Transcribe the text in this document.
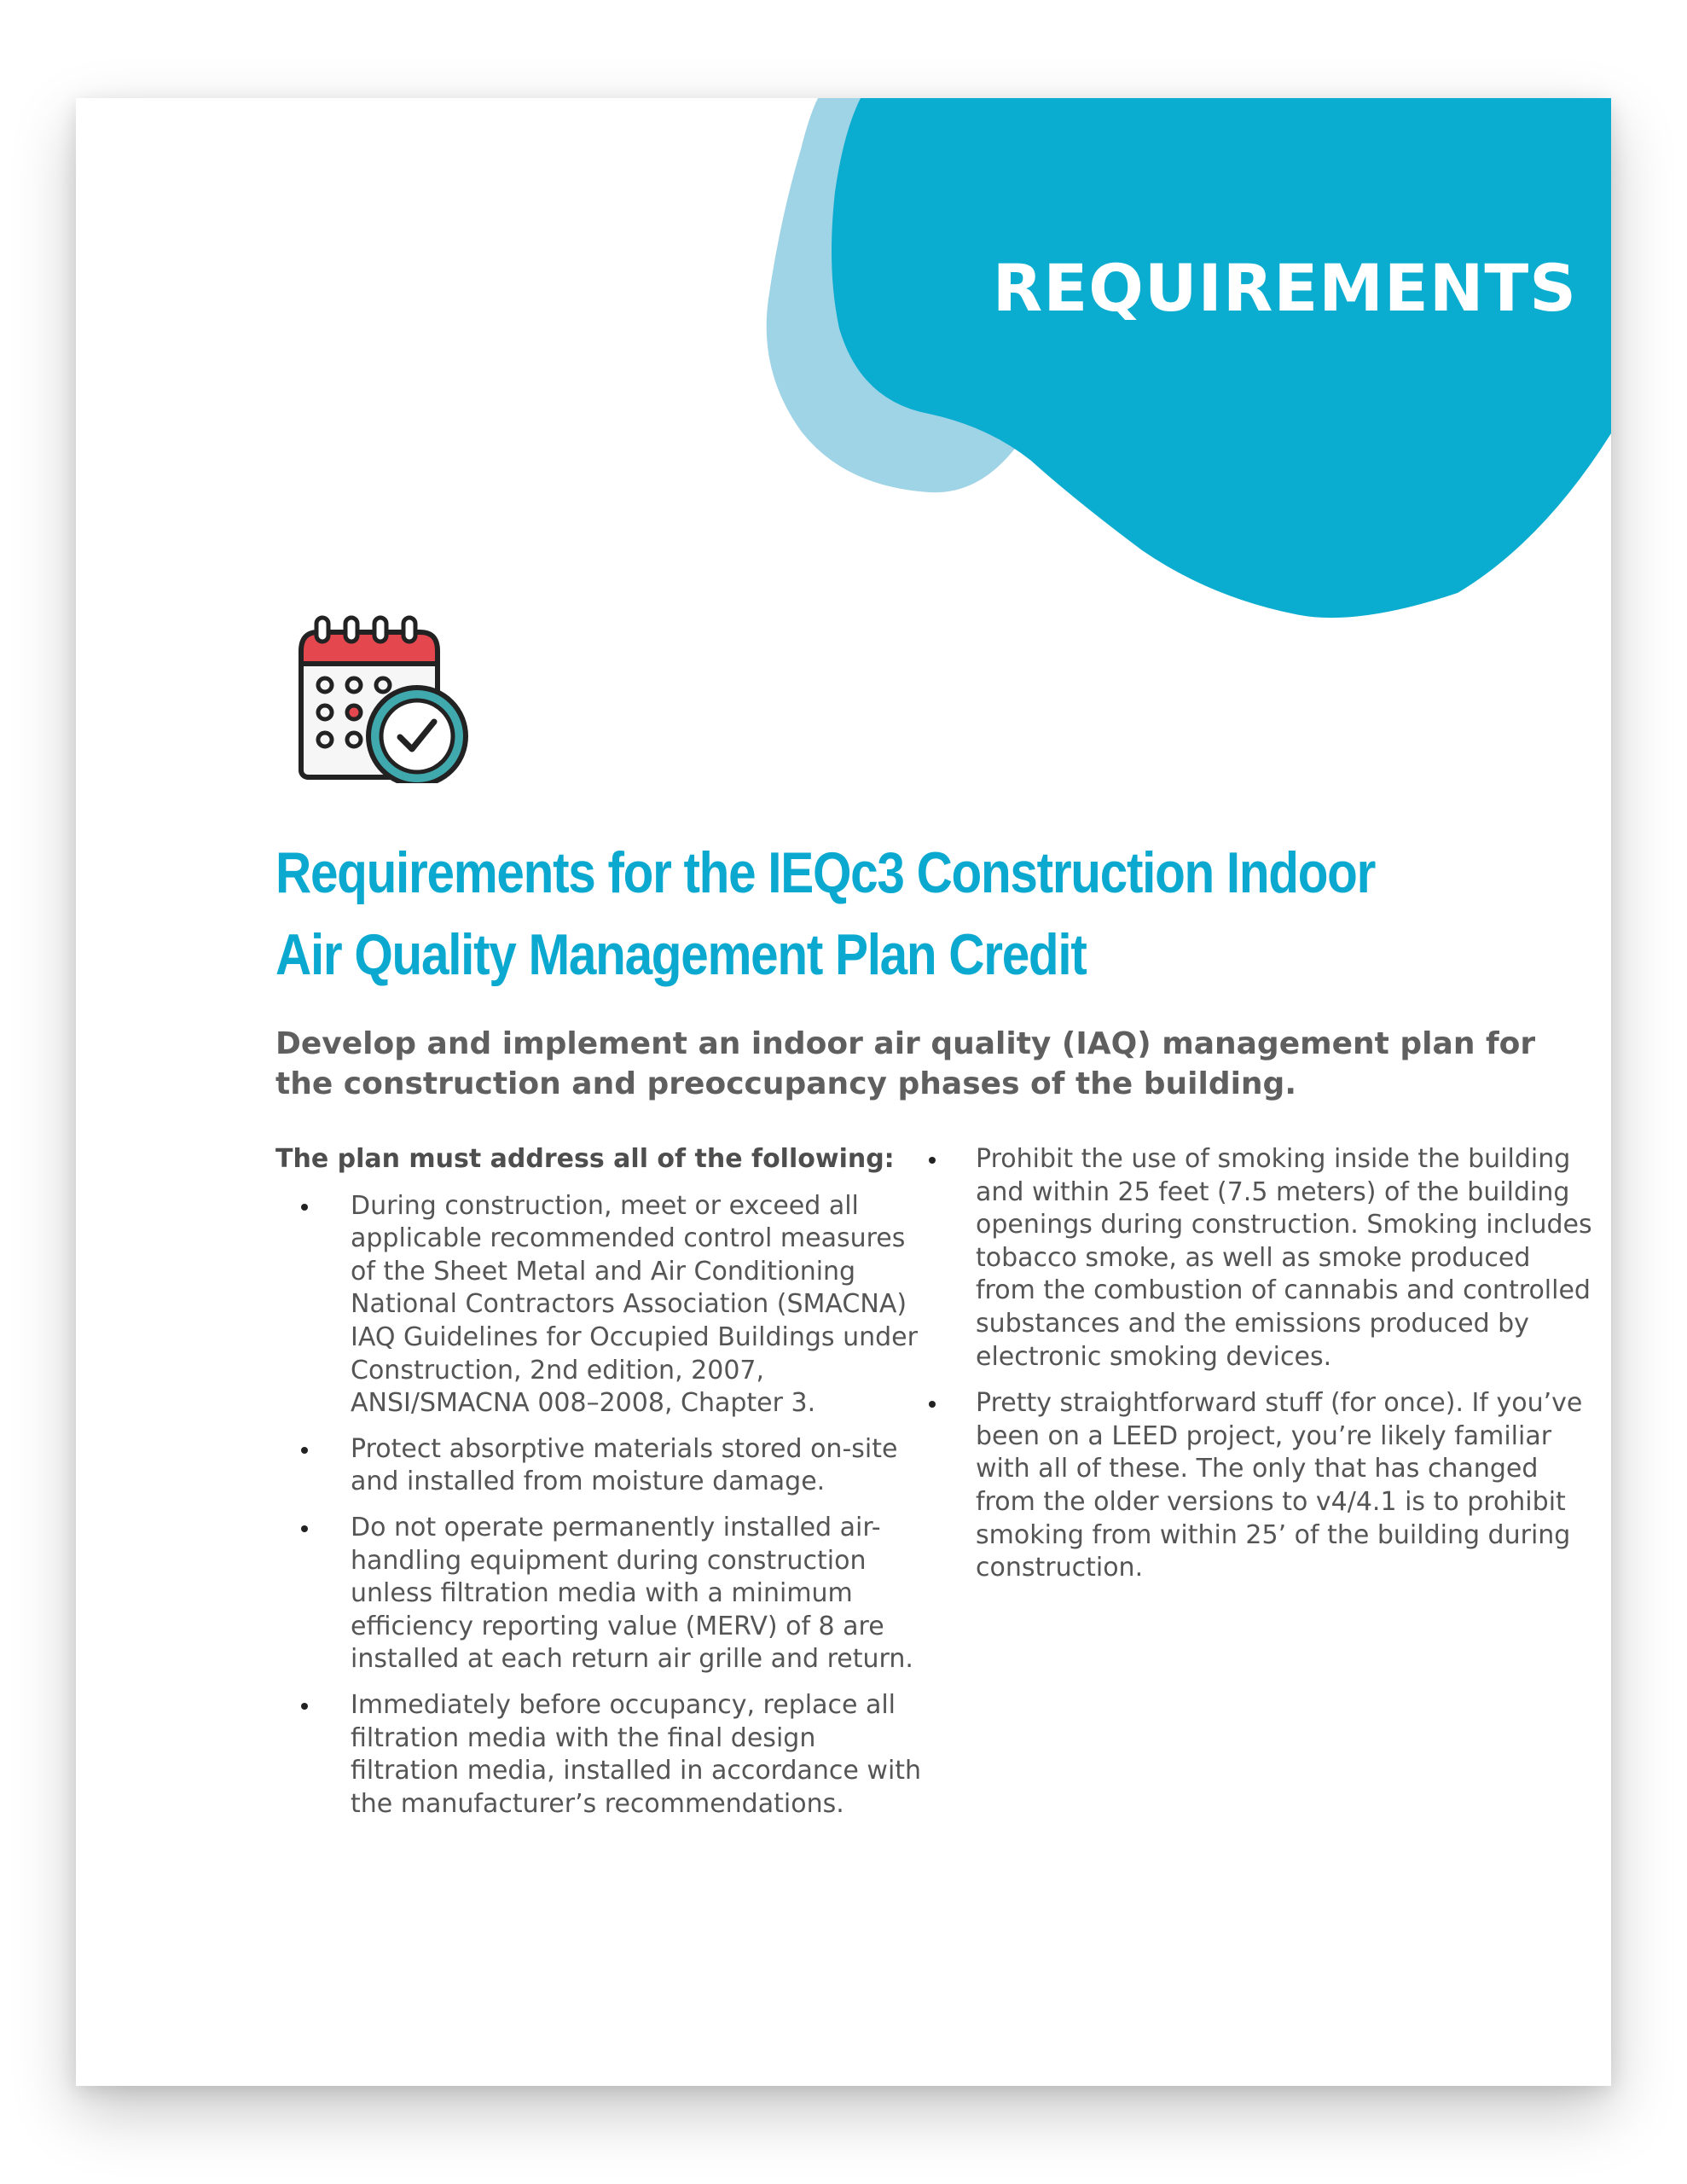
REQUIREMENTS
Requirements for the IEQc3 Construction Indoor Air Quality Management Plan Credit

Develop and implement an indoor air quality (IAQ) management plan for the construction and preoccupancy phases of the building.

The plan must address all of the following:

During construction, meet or exceed all applicable recommended control measures of the Sheet Metal and Air Conditioning National Contractors Association (SMACNA) IAQ Guidelines for Occupied Buildings under Construction, 2nd edition, 2007, ANSI/SMACNA 008–2008, Chapter 3.
Protect absorptive materials stored on-site and installed from moisture damage.
Do not operate permanently installed air-handling equipment during construction unless filtration media with a minimum efficiency reporting value (MERV) of 8 are installed at each return air grille and return.
Immediately before occupancy, replace all filtration media with the final design filtration media, installed in accordance with the manufacturer’s recommendations.
Prohibit the use of smoking inside the building and within 25 feet (7.5 meters) of the building openings during construction. Smoking includes tobacco smoke, as well as smoke produced from the combustion of cannabis and controlled substances and the emissions produced by electronic smoking devices.
Pretty straightforward stuff (for once). If you’ve been on a LEED project, you’re likely familiar with all of these. The only that has changed from the older versions to v4/4.1 is to prohibit smoking from within 25’ of the building during construction.
